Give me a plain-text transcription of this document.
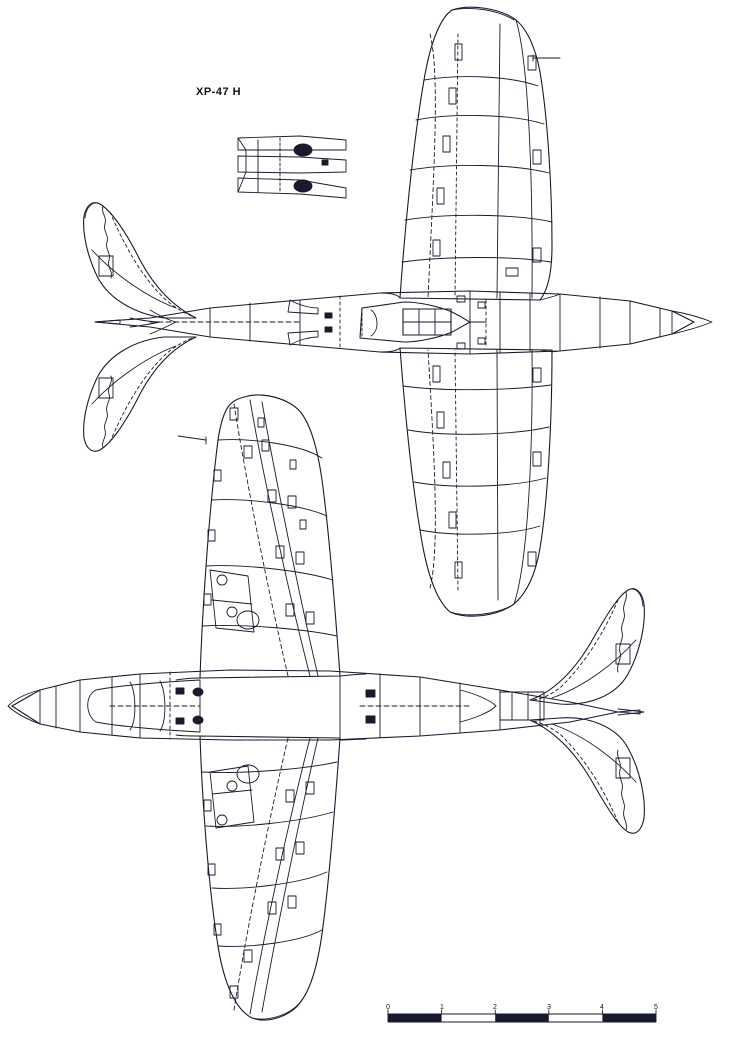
XP-47 H
0	1	2	3	4	5
